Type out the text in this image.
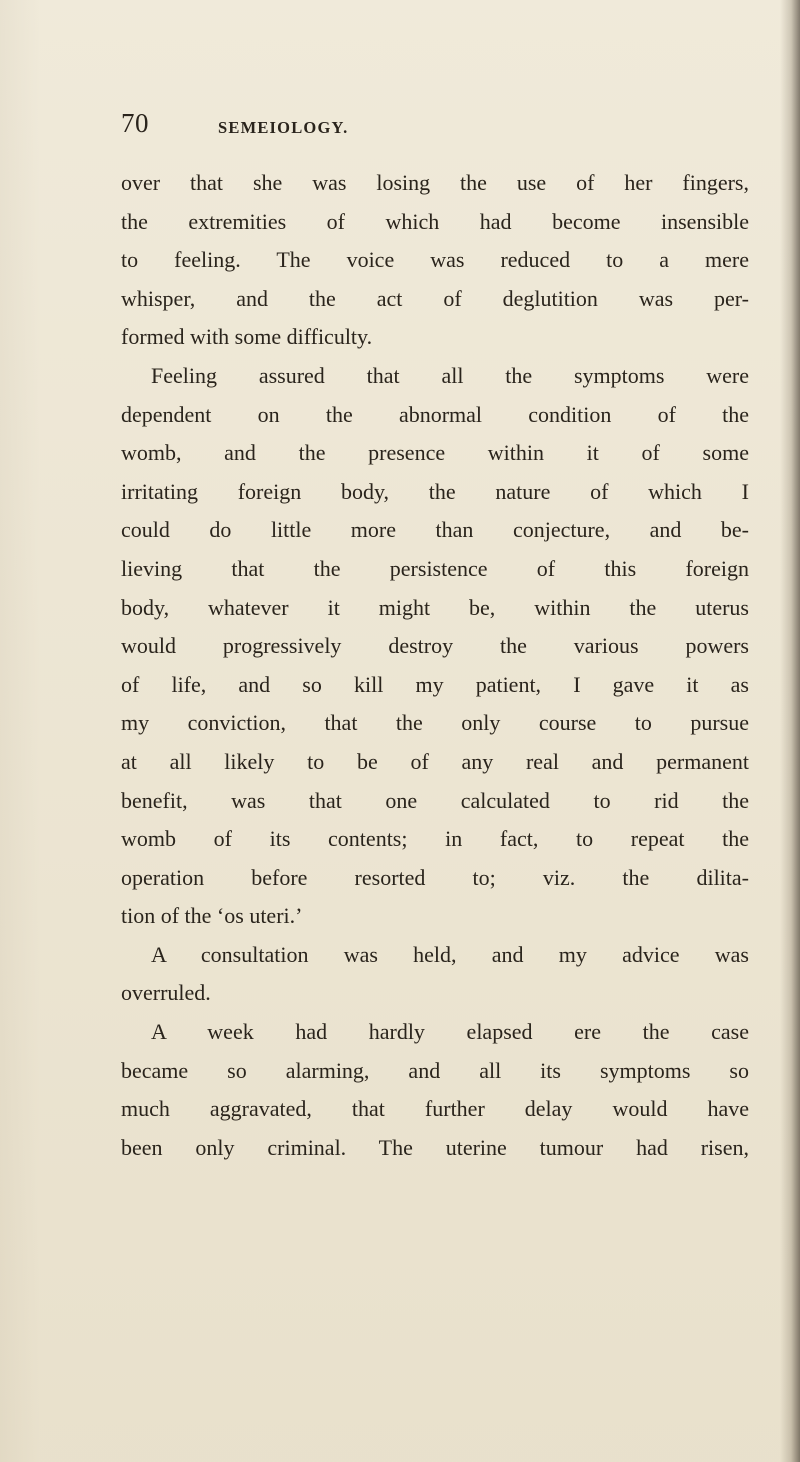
70	SEMEIOLOGY.
over that she was losing the use of her fingers,
the extremities of which had become insensible
to feeling. The voice was reduced to a mere
whisper, and the act of deglutition was per-
formed with some difficulty.
Feeling assured that all the symptoms were
dependent on the abnormal condition of the
womb, and the presence within it of some
irritating foreign body, the nature of which I
could do little more than conjecture, and be-
lieving that the persistence of this foreign
body, whatever it might be, within the uterus
would progressively destroy the various powers
of life, and so kill my patient, I gave it as
my conviction, that the only course to pursue
at all likely to be of any real and permanent
benefit, was that one calculated to rid the
womb of its contents; in fact, to repeat the
operation before resorted to; viz. the dilita-
tion of the ‘os uteri.’
A consultation was held, and my advice was
overruled.
A week had hardly elapsed ere the case
became so alarming, and all its symptoms so
much aggravated, that further delay would have
been only criminal. The uterine tumour had risen,
